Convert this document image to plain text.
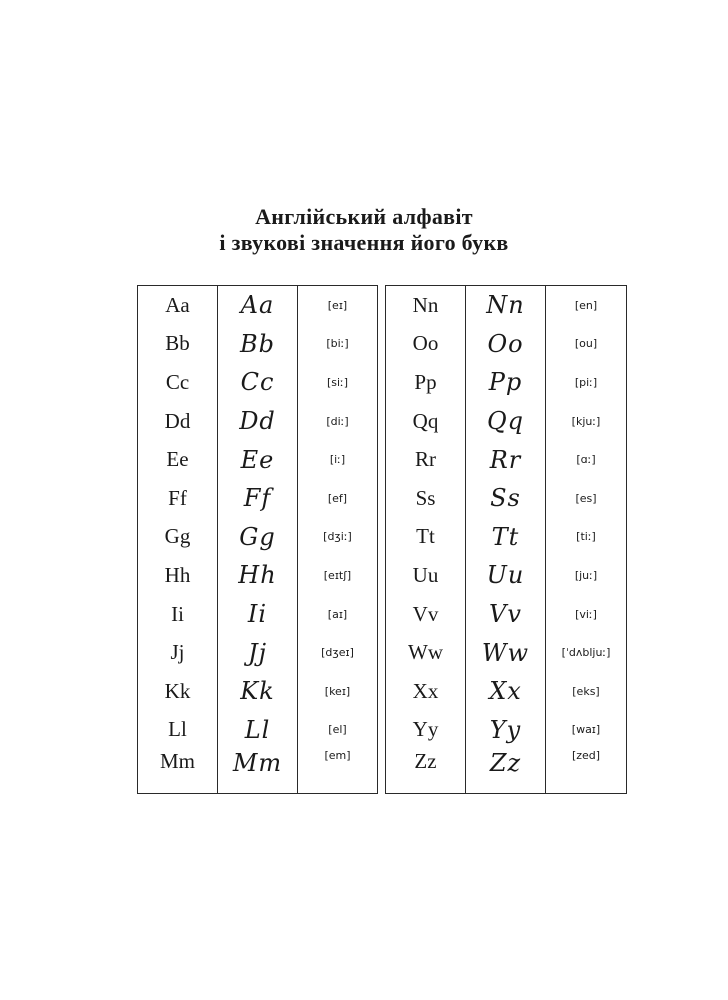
Англійський алфавіт
і звукові значення його букв
Aa	Aa	[eɪ]
Bb	Bb	[biː]
Cc	Cc	[siː]
Dd	Dd	[diː]
Ee	Ee	[iː]
Ff	Ff	[ef]
Gg	Gg	[dʒiː]
Hh	Hh	[eɪtʃ]
Ii	Ii	[aɪ]
Jj	Jj	[dʒeɪ]
Kk	Kk	[keɪ]
Ll	Ll	[el]
Mm	Mm	[em]
Nn	Nn	[en]
Oo	Oo	[ou]
Pp	Pp	[piː]
Qq	Qq	[kjuː]
Rr	Rr	[ɑː]
Ss	Ss	[es]
Tt	Tt	[tiː]
Uu	Uu	[juː]
Vv	Vv	[viː]
Ww	Ww	[ˈdʌbljuː]
Xx	Xx	[eks]
Yy	Yy	[waɪ]
Zz	Zz	[zed]
